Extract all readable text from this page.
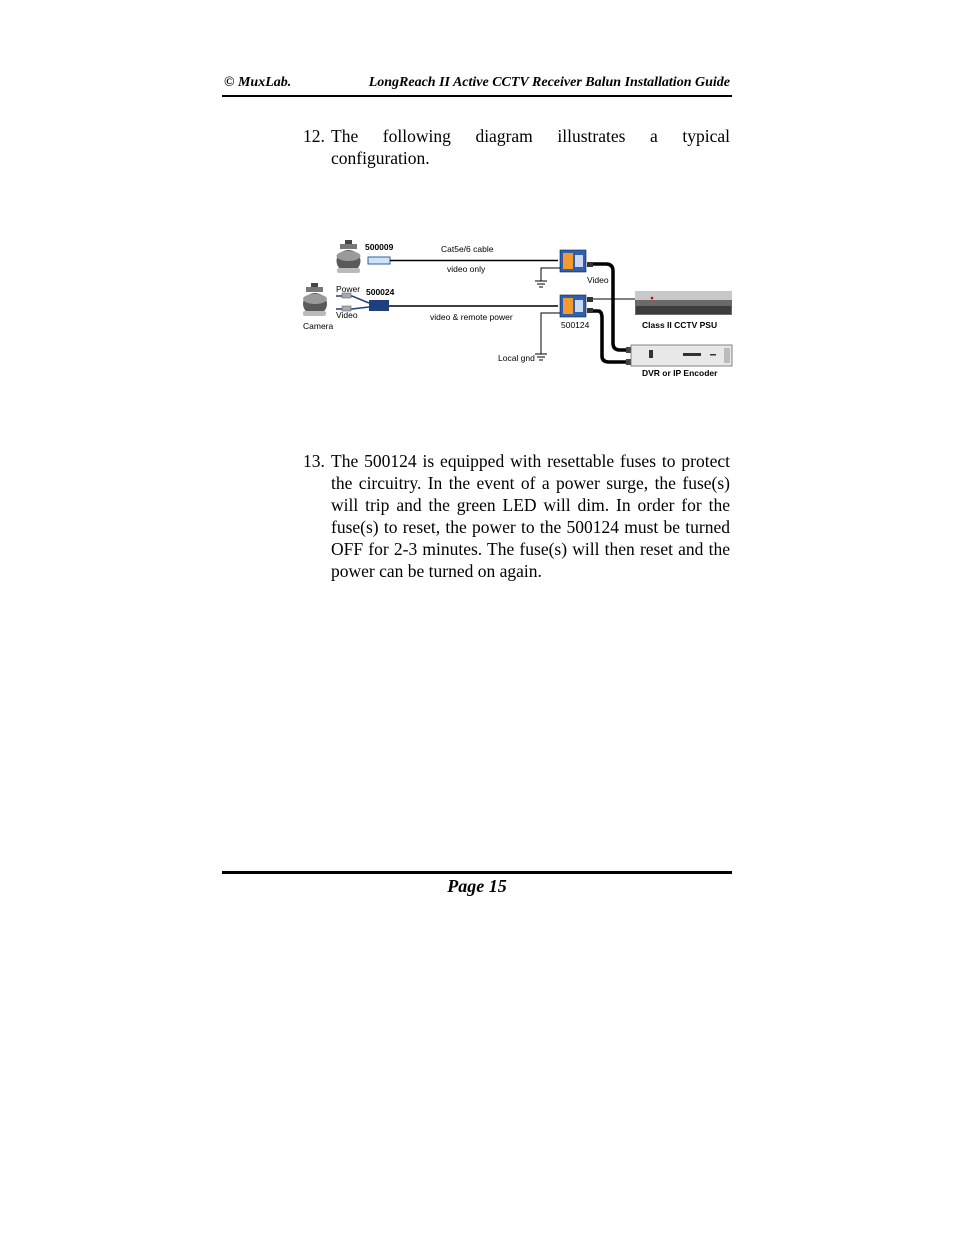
© MuxLab.	LongReach II Active CCTV Receiver Balun Installation Guide
12. The following diagram illustrates a typical configuration.
500009	Cat5e/6 cable
video only
Video
Power 500024
Video
Camera
video & remote power
500124	Class II CCTV PSU
Local gnd
DVR or IP Encoder
13. The 500124 is equipped with resettable fuses to protect the circuitry. In the event of a power surge, the fuse(s) will trip and the green LED will dim. In order for the fuse(s) to reset, the power to the 500124 must be turned OFF for 2-3 minutes. The fuse(s) will then reset and the power can be turned on again.
Page 15
